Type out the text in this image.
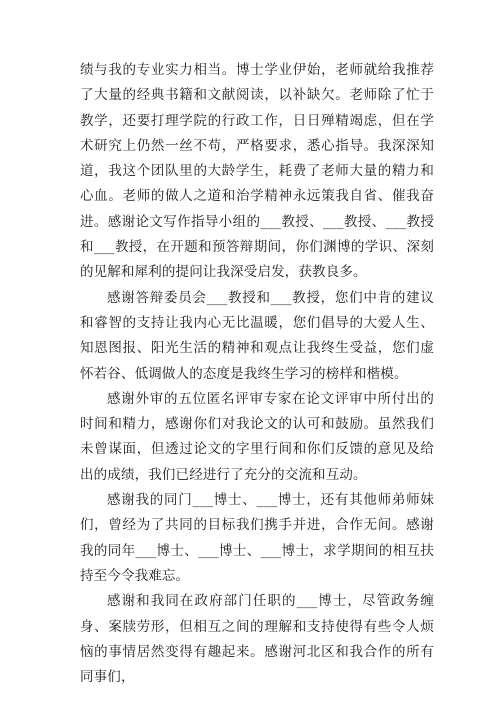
绩与我的专业实力相当。博士学业伊始，老师就给我推荐了大量的经典书籍和文献阅读，以补缺欠。老师除了忙于教学，还要打理学院的行政工作，日日殚精竭虑，但在学术研究上仍然一丝不苟，严格要求，悉心指导。我深深知道，我这个团队里的大龄学生，耗费了老师大量的精力和心血。老师的做人之道和治学精神永远策我自省、催我奋进。感谢论文写作指导小组的___教授、___教授、___教授和___教授，在开题和预答辩期间，你们渊博的学识、深刻的见解和犀利的提问让我深受启发，获教良多。

感谢答辩委员会___教授和___教授，您们中肯的建议和睿智的支持让我内心无比温暖，您们倡导的大爱人生、知恩图报、阳光生活的精神和观点让我终生受益，您们虚怀若谷、低调做人的态度是我终生学习的榜样和楷模。

感谢外审的五位匿名评审专家在论文评审中所付出的时间和精力，感谢你们对我论文的认可和鼓励。虽然我们未曾谋面，但透过论文的字里行间和你们反馈的意见及给出的成绩，我们已经进行了充分的交流和互动。

感谢我的同门___博士、___博士，还有其他师弟师妹们，曾经为了共同的目标我们携手并进，合作无间。感谢我的同年___博士、___博士、___博士，求学期间的相互扶持至今令我难忘。

感谢和我同在政府部门任职的___博士，尽管政务缠身、案牍劳形，但相互之间的理解和支持使得有些令人烦恼的事情居然变得有趣起来。感谢河北区和我合作的所有同事们，
